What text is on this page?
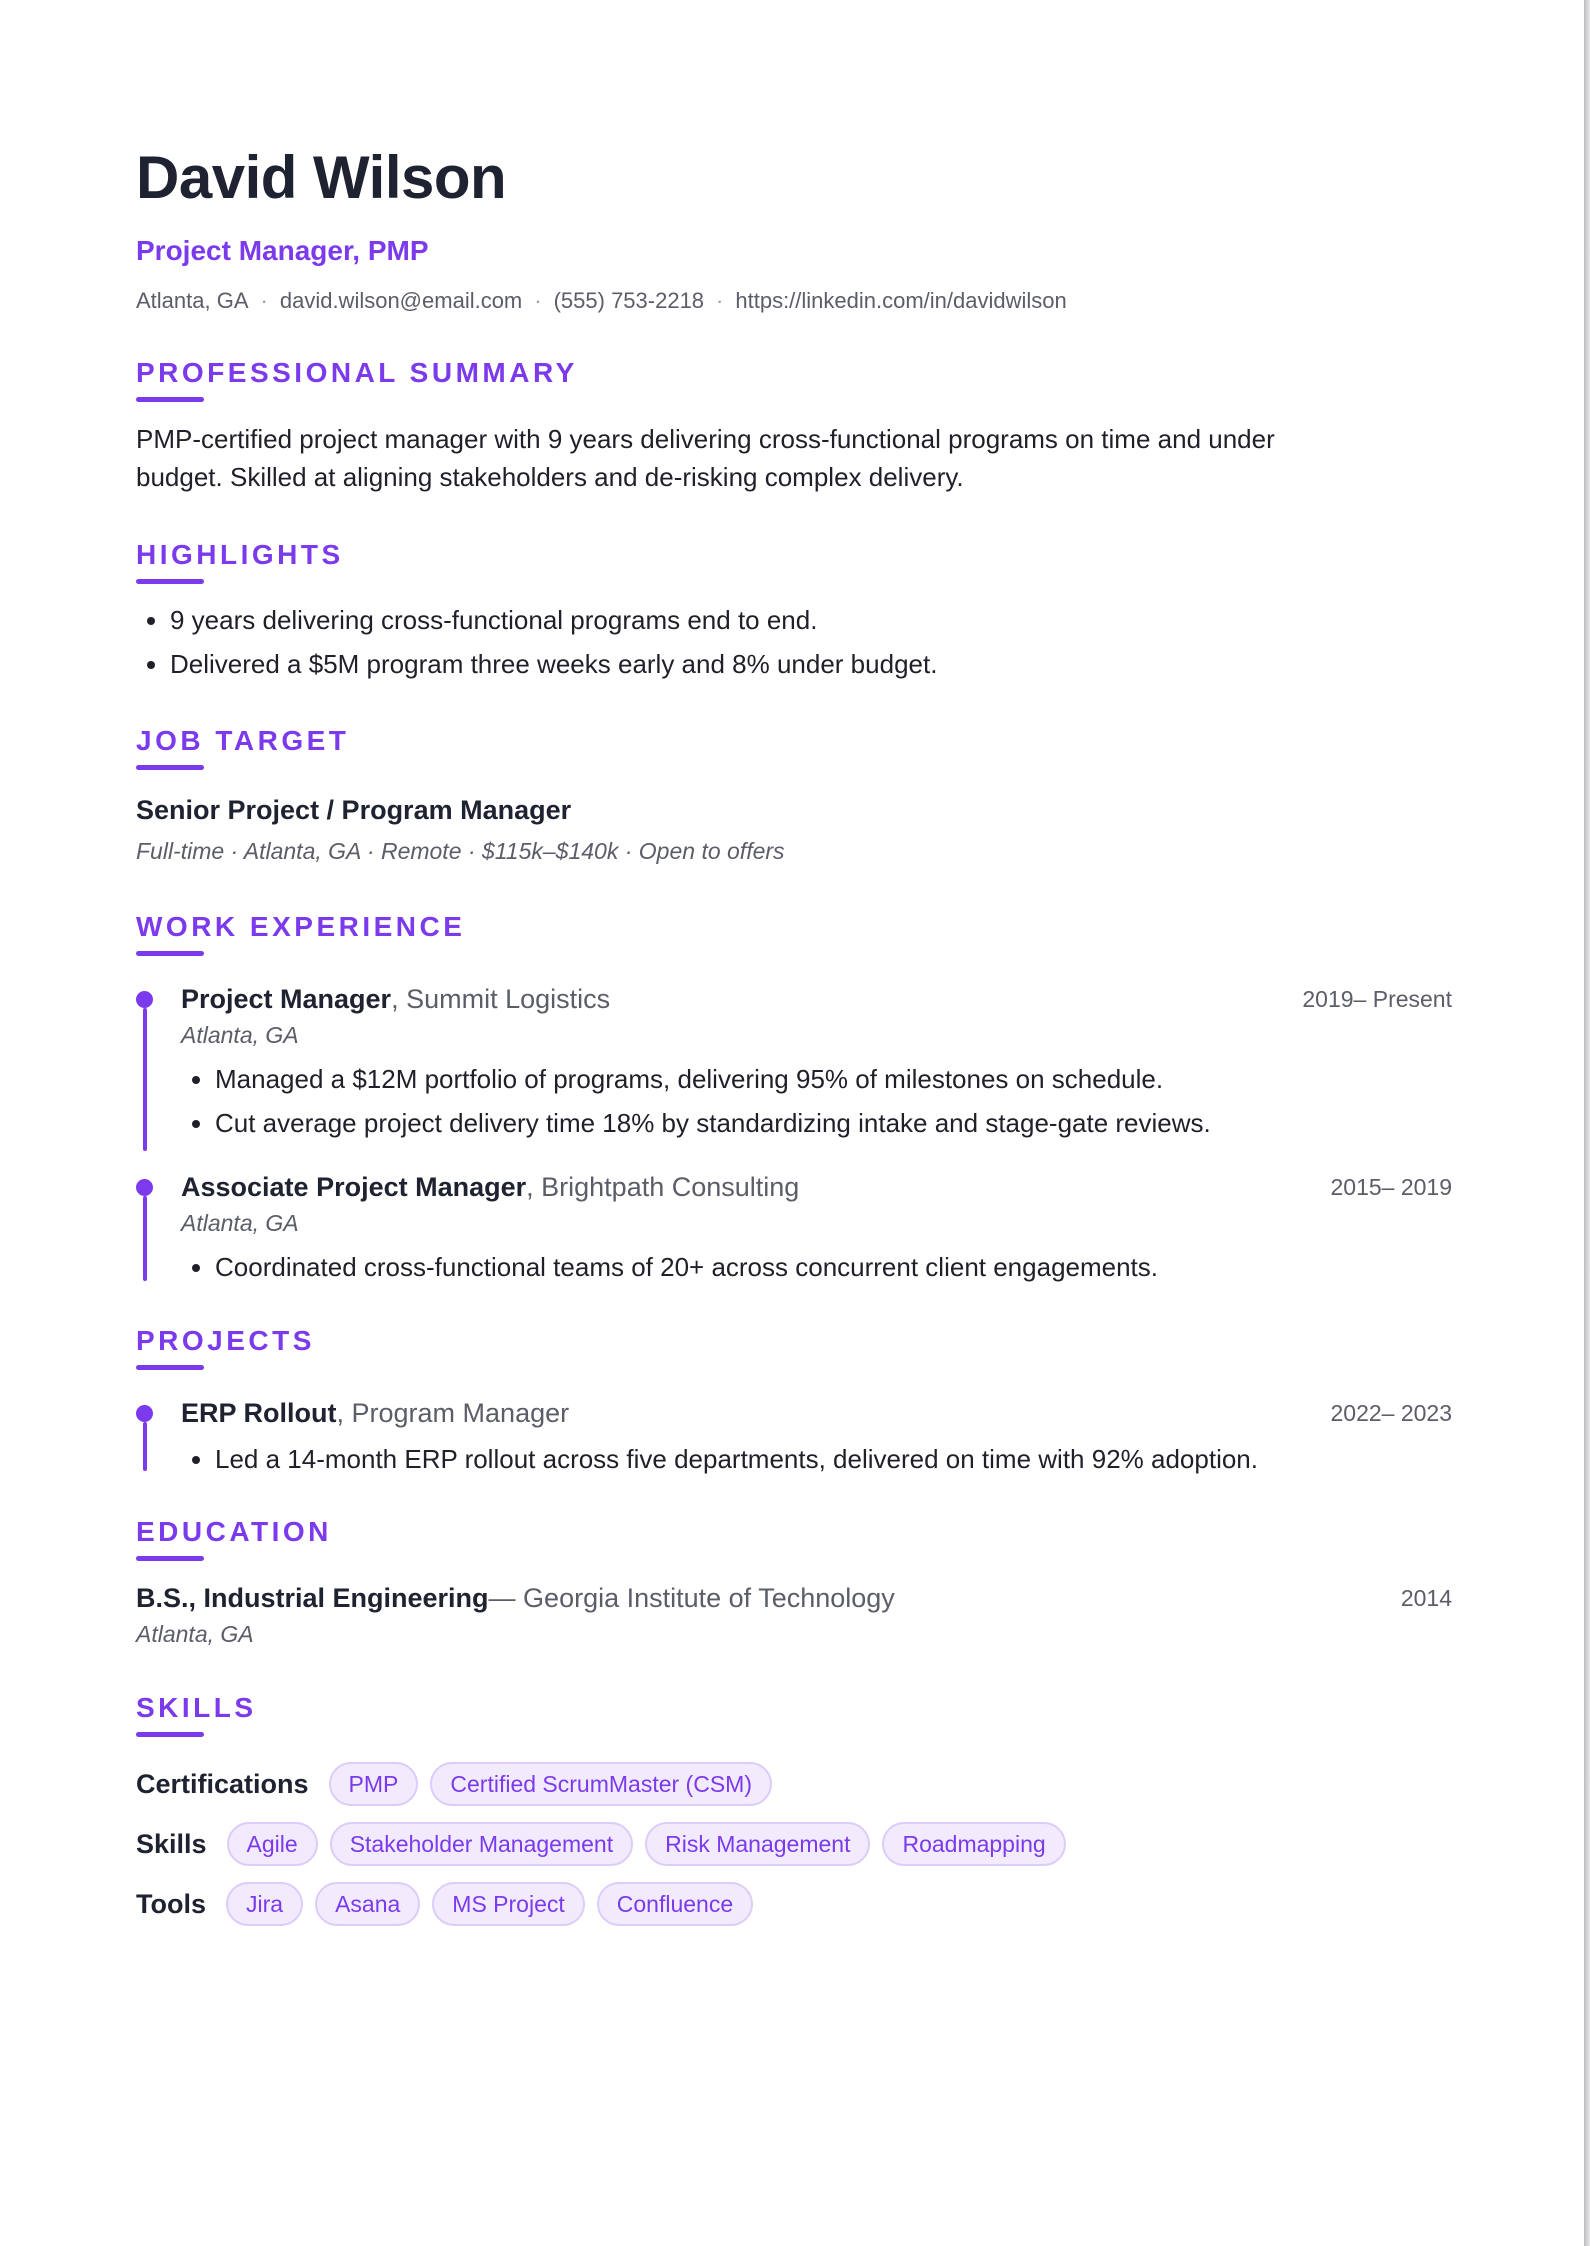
David Wilson
Project Manager, PMP
Atlanta, GA · david.wilson@email.com · (555) 753-2218 · https://linkedin.com/in/davidwilson
PROFESSIONAL SUMMARY
PMP-certified project manager with 9 years delivering cross-functional programs on time and under
budget. Skilled at aligning stakeholders and de-risking complex delivery.
HIGHLIGHTS
• 9 years delivering cross-functional programs end to end.
• Delivered a $5M program three weeks early and 8% under budget.
JOB TARGET
Senior Project / Program Manager
Full-time · Atlanta, GA · Remote · $115k–$140k · Open to offers
WORK EXPERIENCE
Project Manager, Summit Logistics	2019– Present
Atlanta, GA
• Managed a $12M portfolio of programs, delivering 95% of milestones on schedule.
• Cut average project delivery time 18% by standardizing intake and stage-gate reviews.
Associate Project Manager, Brightpath Consulting	2015– 2019
Atlanta, GA
• Coordinated cross-functional teams of 20+ across concurrent client engagements.
PROJECTS
ERP Rollout, Program Manager	2022– 2023
• Led a 14-month ERP rollout across five departments, delivered on time with 92% adoption.
EDUCATION
B.S., Industrial Engineering— Georgia Institute of Technology	2014
Atlanta, GA
SKILLS
Certifications	PMP	Certified ScrumMaster (CSM)
Skills	Agile	Stakeholder Management	Risk Management	Roadmapping
Tools	Jira	Asana	MS Project	Confluence
